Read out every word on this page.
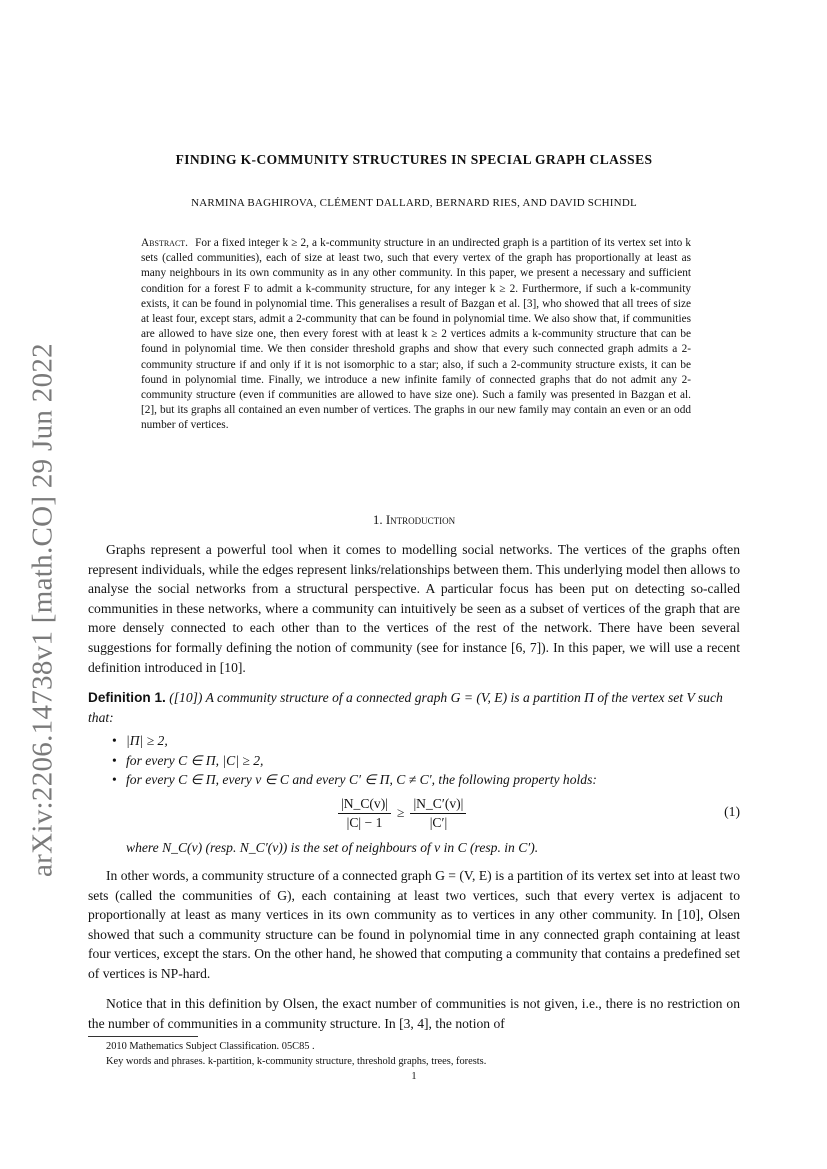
arXiv:2206.14738v1 [math.CO] 29 Jun 2022
FINDING K-COMMUNITY STRUCTURES IN SPECIAL GRAPH CLASSES
NARMINA BAGHIROVA, CLÉMENT DALLARD, BERNARD RIES, AND DAVID SCHINDL
Abstract. For a fixed integer k ≥ 2, a k-community structure in an undirected graph is a partition of its vertex set into k sets (called communities), each of size at least two, such that every vertex of the graph has proportionally at least as many neighbours in its own community as in any other community. In this paper, we present a necessary and sufficient condition for a forest F to admit a k-community structure, for any integer k ≥ 2. Furthermore, if such a k-community exists, it can be found in polynomial time. This generalises a result of Bazgan et al. [3], who showed that all trees of size at least four, except stars, admit a 2-community that can be found in polynomial time. We also show that, if communities are allowed to have size one, then every forest with at least k ≥ 2 vertices admits a k-community structure that can be found in polynomial time. We then consider threshold graphs and show that every such connected graph admits a 2-community structure if and only if it is not isomorphic to a star; also, if such a 2-community structure exists, it can be found in polynomial time. Finally, we introduce a new infinite family of connected graphs that do not admit any 2-community structure (even if communities are allowed to have size one). Such a family was presented in Bazgan et al. [2], but its graphs all contained an even number of vertices. The graphs in our new family may contain an even or an odd number of vertices.
1. Introduction

Graphs represent a powerful tool when it comes to modelling social networks. The vertices of the graphs often represent individuals, while the edges represent links/relationships between them. This underlying model then allows to analyse the social networks from a structural perspective. A particular focus has been put on detecting so-called communities in these networks, where a community can intuitively be seen as a subset of vertices of the graph that are more densely connected to each other than to the vertices of the rest of the network. There have been several suggestions for formally defining the notion of community (see for instance [6, 7]). In this paper, we will use a recent definition introduced in [10].

Definition 1. ([10]) A community structure of a connected graph G = (V, E) is a partition Π of the vertex set V such that:
• |Π| ≥ 2,
• for every C ∈ Π, |C| ≥ 2,
• for every C ∈ Π, every v ∈ C and every C′ ∈ Π, C ≠ C′, the following property holds:
$\frac{|N\_C(v)|}{|C| - 1} \ge \frac{|N\_C'(v)|}{|C'|}$	(1)
where N_C(v) (resp. N_C′(v)) is the set of neighbours of v in C (resp. in C′).

In other words, a community structure of a connected graph G = (V, E) is a partition of its vertex set into at least two sets (called the communities of G), each containing at least two vertices, such that every vertex is adjacent to proportionally at least as many vertices in its own community as to vertices in any other community. In [10], Olsen showed that such a community structure can be found in polynomial time in any connected graph containing at least four vertices, except the stars. On the other hand, he showed that computing a community that contains a predefined set of vertices is NP-hard.

Notice that in this definition by Olsen, the exact number of communities is not given, i.e., there is no restriction on the number of communities in a community structure. In [3, 4], the notion of

2010 Mathematics Subject Classification. 05C85 .

Key words and phrases. k-partition, k-community structure, threshold graphs, trees, forests.

1
